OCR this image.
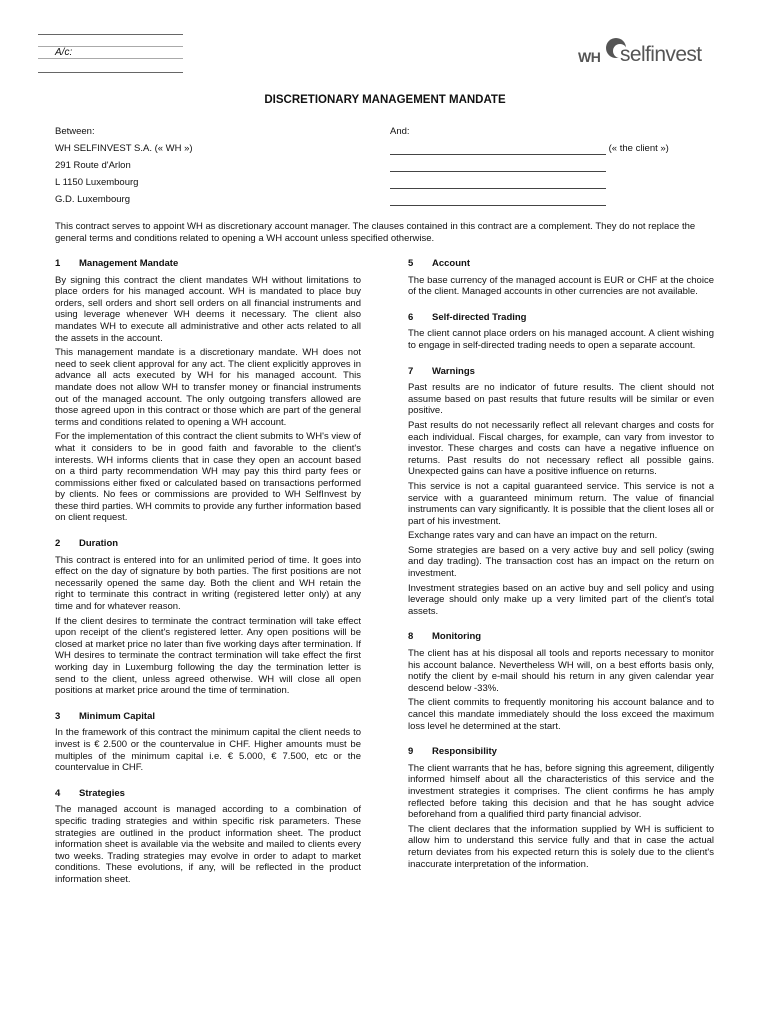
A/c:	WH selfinvest
DISCRETIONARY MANAGEMENT MANDATE
Between:
WH SELFINVEST S.A. (« WH »)
291 Route d'Arlon
L 1150 Luxembourg
G.D. Luxembourg
And:
(« the client »)
This contract serves to appoint WH as discretionary account manager. The clauses contained in this contract are a complement. They do not replace the general terms and conditions related to opening a WH account unless specified otherwise.
1	Management Mandate
By signing this contract the client mandates WH without limitations to place orders for his managed account. WH is mandated to place buy orders, sell orders and short sell orders on all financial instruments and using leverage whenever WH deems it necessary. The client also mandates WH to execute all administrative and other acts related to all the assets in the account.
This management mandate is a discretionary mandate. WH does not need to seek client approval for any act. The client explicitly approves in advance all acts executed by WH for his managed account. This mandate does not allow WH to transfer money or financial instruments out of the managed account. The only outgoing transfers allowed are those agreed upon in this contract or those which are part of the general terms and conditions related to opening a WH account.
For the implementation of this contract the client submits to WH's view of what it considers to be in good faith and favorable to the client's interests. WH informs clients that in case they open an account based on a third party recommendation WH may pay this third party fees or commissions either fixed or calculated based on transactions performed by clients. No fees or commissions are provided to WH SelfInvest by these third parties. WH commits to provide any further information based on client request.
2	Duration
This contract is entered into for an unlimited period of time. It goes into effect on the day of signature by both parties. The first positions are not necessarily opened the same day. Both the client and WH retain the right to terminate this contract in writing (registered letter only) at any time and for whatever reason.
If the client desires to terminate the contract termination will take effect upon receipt of the client's registered letter. Any open positions will be closed at market price no later than five working days after termination. If WH desires to terminate the contract termination will take effect the first working day in Luxemburg following the day the termination letter is send to the client, unless agreed otherwise. WH will close all open positions at market price around the time of termination.
3	Minimum Capital
In the framework of this contract the minimum capital the client needs to invest is € 2.500 or the countervalue in CHF. Higher amounts must be multiples of the minimum capital i.e. € 5.000, € 7.500, etc or the countervalue in CHF.
4	Strategies
The managed account is managed according to a combination of specific trading strategies and within specific risk parameters. These strategies are outlined in the product information sheet. The product information sheet is available via the website and mailed to clients every two weeks. Trading strategies may evolve in order to adapt to market conditions. These evolutions, if any, will be reflected in the product information sheet.
5	Account
The base currency of the managed account is EUR or CHF at the choice of the client. Managed accounts in other currencies are not available.
6	Self-directed Trading
The client cannot place orders on his managed account. A client wishing to engage in self-directed trading needs to open a separate account.
7	Warnings
Past results are no indicator of future results. The client should not assume based on past results that future results will be similar or even positive.
Past results do not necessarily reflect all relevant charges and costs for each individual. Fiscal charges, for example, can vary from investor to investor. These charges and costs can have a negative influence on returns. Past results do not necessary reflect all possible gains. Unexpected gains can have a positive influence on returns.
This service is not a capital guaranteed service. This service is not a service with a guaranteed minimum return. The value of financial instruments can vary significantly. It is possible that the client loses all or part of his investment.
Exchange rates vary and can have an impact on the return.
Some strategies are based on a very active buy and sell policy (swing and day trading). The transaction cost has an impact on the return on investment.
Investment strategies based on an active buy and sell policy and using leverage should only make up a very limited part of the client's total assets.
8	Monitoring
The client has at his disposal all tools and reports necessary to monitor his account balance. Nevertheless WH will, on a best efforts basis only, notify the client by e-mail should his return in any given calendar year descend below -33%.
The client commits to frequently monitoring his account balance and to cancel this mandate immediately should the loss exceed the maximum loss level he determined at the start.
9	Responsibility
The client warrants that he has, before signing this agreement, diligently informed himself about all the characteristics of this service and the investment strategies it comprises. The client confirms he has amply reflected before taking this decision and that he has sought advice beforehand from a qualified third party financial advisor.
The client declares that the information supplied by WH is sufficient to allow him to understand this service fully and that in case the actual return deviates from his expected return this is solely due to the client's inaccurate interpretation of the information.
